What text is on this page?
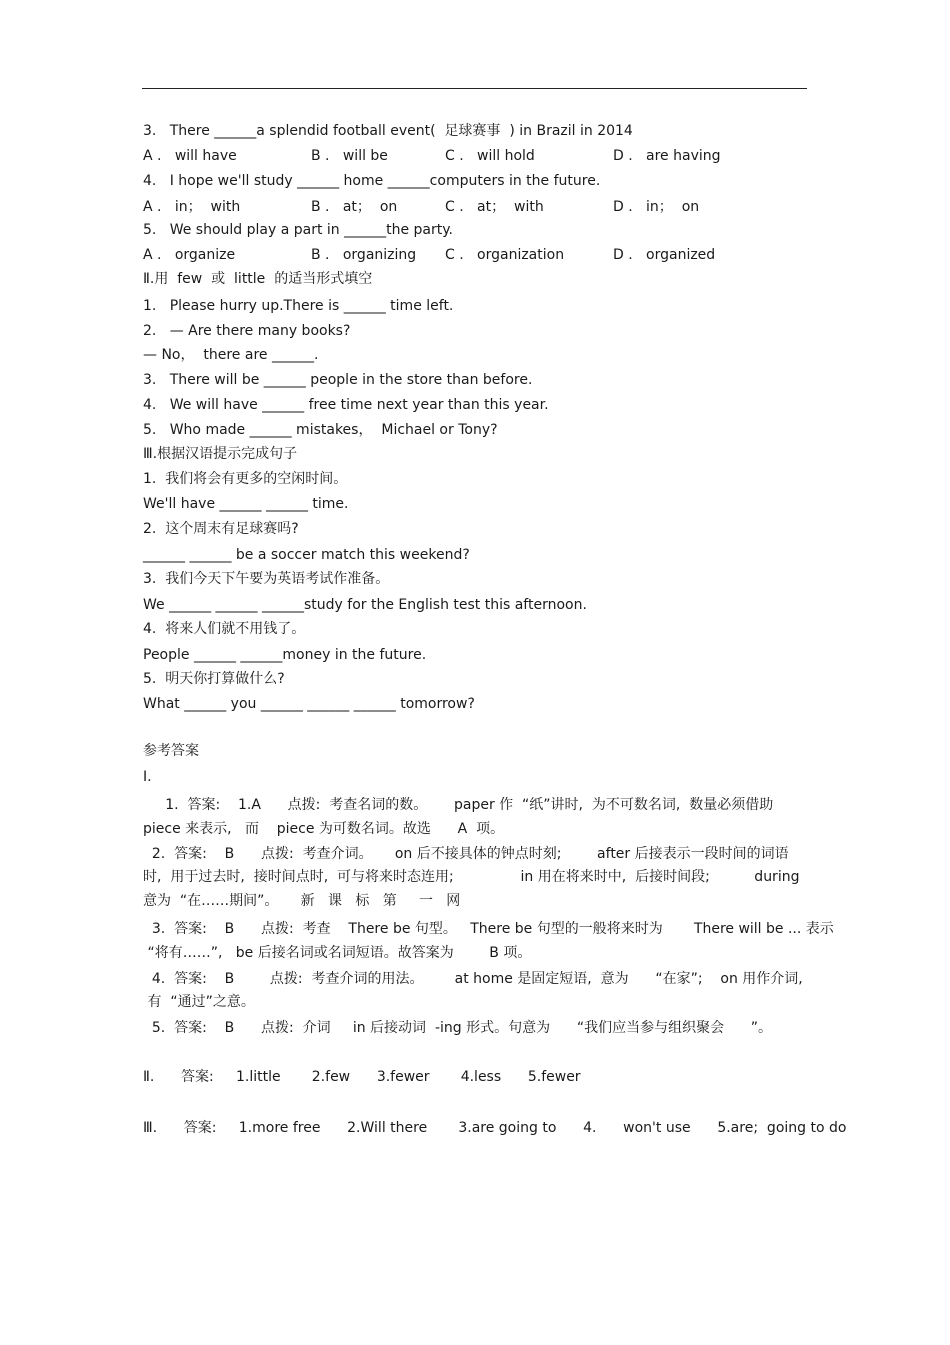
3.   There ______a splendid football event(  足球赛事  ) in Brazil in 2014
A .   will have	B .   will be	C .   will hold	D .   are having
4.   I hope we'll study ______ home ______computers in the future.
A .   in；  with	B .   at；  on	C .   at；  with	D .   in；  on
5.   We should play a part in ______the party.
A .   organize	B .   organizing C .   organization	D .   organized
Ⅱ.用  few  或  little  的适当形式填空
1.   Please hurry up.There is ______ time left.
2.   — Are there many books?
— No，  there are ______.
3.   There will be ______ people in the store than before.
4.   We will have ______ free time next year than this year.
5.   Who made ______ mistakes，  Michael or Tony?
Ⅲ.根据汉语提示完成句子
1.  我们将会有更多的空闲时间。
We'll have ______ ______ time.
2.  这个周末有足球赛吗?
______ ______ be a soccer match this weekend?
3.  我们今天下午要为英语考试作准备。
We ______ ______ ______study for the English test this afternoon.
4.  将来人们就不用钱了。
People ______ ______money in the future.
5.  明天你打算做什么?
What ______ you ______ ______ ______ tomorrow?
参考答案
Ⅰ.
1.  答案:    1.A      点拨:  考查名词的数。      paper 作  “纸”讲时,  为不可数名词,  数量必须借助
piece 来表示,   而    piece 为可数名词。故选      A  项。
2.  答案:    B      点拨:  考查介词。     on 后不接具体的钟点时刻;        after 后接表示一段时间的词语
时,  用于过去时,  接时间点时,  可与将来时态连用;               in 用在将来时中,  后接时间段;          during
意为  “在……期间”。     新   课   标   第     一   网
3.  答案:    B      点拨:  考查    There be 句型。   There be 句型的一般将来时为       There will be ... 表示
“将有……”,   be 后接名词或名词短语。故答案为        B 项。
4.  答案:    B        点拨:  考查介词的用法。       at home 是固定短语,  意为      “在家”;    on 用作介词,
有  “通过”之意。
5.  答案:    B      点拨:  介词     in 后接动词  -ing 形式。句意为      “我们应当参与组织聚会      ”。
Ⅱ.      答案:     1.little       2.few      3.fewer       4.less      5.fewer
Ⅲ.      答案:     1.more free      2.Will there       3.are going to      4.      won't use      5.are;  going to do
